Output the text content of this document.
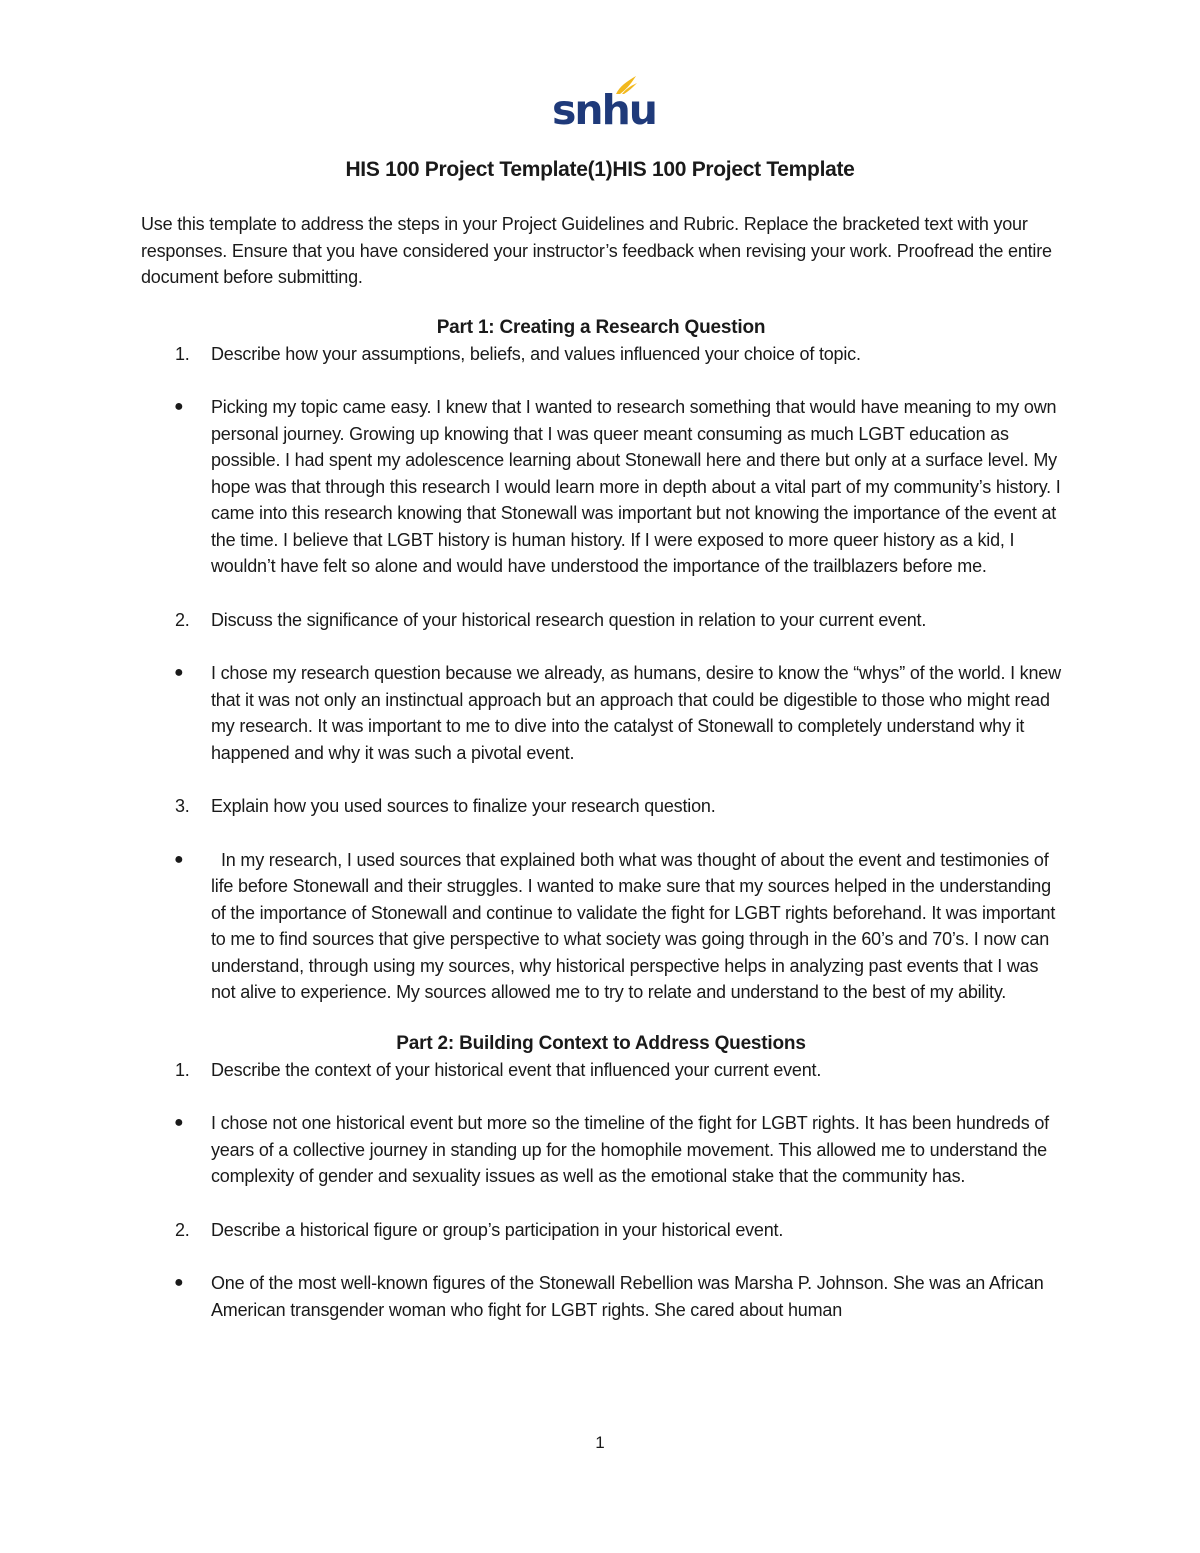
snhu
HIS 100 Project Template(1)HIS 100 Project Template

Use this template to address the steps in your Project Guidelines and Rubric. Replace the bracketed text with your responses. Ensure that you have considered your instructor’s feedback when revising your work. Proofread the entire document before submitting.

Part 1: Creating a Research Question

1. Describe how your assumptions, beliefs, and values influenced your choice of topic.

● Picking my topic came easy. I knew that I wanted to research something that would have meaning to my own personal journey. Growing up knowing that I was queer meant consuming as much LGBT education as possible. I had spent my adolescence learning about Stonewall here and there but only at a surface level. My hope was that through this research I would learn more in depth about a vital part of my community’s history. I came into this research knowing that Stonewall was important but not knowing the importance of the event at the time. I believe that LGBT history is human history. If I were exposed to more queer history as a kid, I wouldn’t have felt so alone and would have understood the importance of the trailblazers before me.

2. Discuss the significance of your historical research question in relation to your current event.

● I chose my research question because we already, as humans, desire to know the “whys” of the world. I knew that it was not only an instinctual approach but an approach that could be digestible to those who might read my research. It was important to me to dive into the catalyst of Stonewall to completely understand why it happened and why it was such a pivotal event.

3. Explain how you used sources to finalize your research question.

●	In my research, I used sources that explained both what was thought of about the event and testimonies of life before Stonewall and their struggles. I wanted to make sure that my sources helped in the understanding of the importance of Stonewall and continue to validate the fight for LGBT rights beforehand. It was important to me to find sources that give perspective to what society was going through in the 60’s and 70’s. I now can understand, through using my sources, why historical perspective helps in analyzing past events that I was not alive to experience. My sources allowed me to try to relate and understand to the best of my ability.

Part 2: Building Context to Address Questions

1. Describe the context of your historical event that influenced your current event.

● I chose not one historical event but more so the timeline of the fight for LGBT rights. It has been hundreds of years of a collective journey in standing up for the homophile movement. This allowed me to understand the complexity of gender and sexuality issues as well as the emotional stake that the community has.

2. Describe a historical figure or group’s participation in your historical event.

● One of the most well-known figures of the Stonewall Rebellion was Marsha P. Johnson. She was an African American transgender woman who fight for LGBT rights. She cared about human

1
